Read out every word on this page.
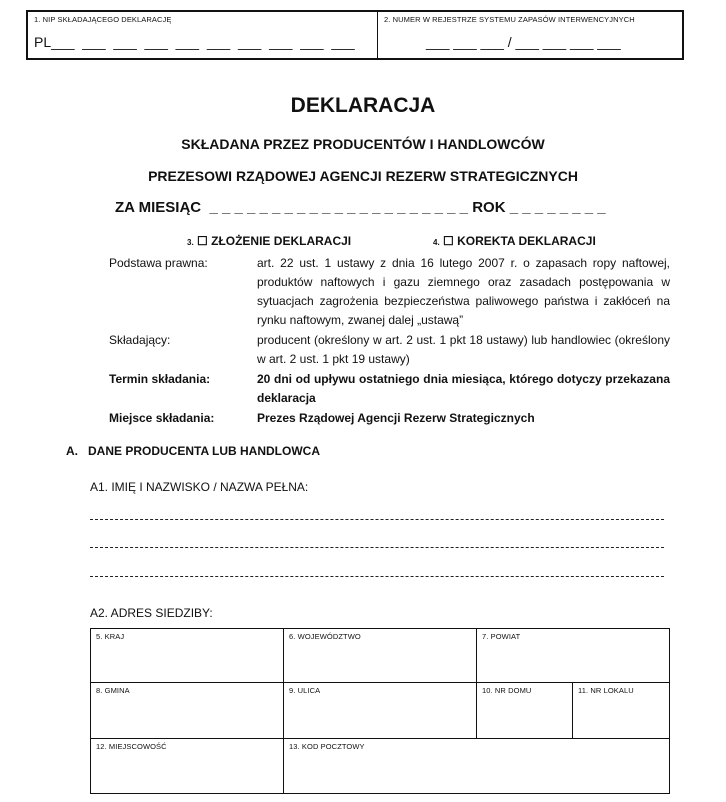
1. NIP SKŁADAJĄCEGO DEKLARACJĘ
PL___  ___  ___  ___  ___  ___  ___  ___  ___  ___
2. NUMER W REJESTRZE SYSTEMU ZAPASÓW INTERWENCYJNYCH
___ ___ ___ / ___ ___ ___ ___
DEKLARACJA
SKŁADANA PRZEZ PRODUCENTÓW I HANDLOWCÓW
PREZESOWI RZĄDOWEJ AGENCJI REZERW STRATEGICZNYCH
ZA MIESIĄC _ _ _ _ _ _ _ _ _ _ _ _ _ _ _ _ _ _ _ _ _ ROK _ _ _ _ _ _ _ _
3. ☐ ZŁOŻENIE DEKLARACJI	4. ☐ KOREKTA DEKLARACJI
Podstawa prawna:	art. 22 ust. 1 ustawy z dnia 16 lutego 2007 r. o zapasach ropy naftowej, produktów naftowych i gazu ziemnego oraz zasadach postępowania w sytuacjach zagrożenia bezpieczeństwa paliwowego państwa i zakłóceń na rynku naftowym, zwanej dalej „ustawą”
Składający:	producent (określony w art. 2 ust. 1 pkt 18 ustawy) lub handlowiec (określony w art. 2 ust. 1 pkt 19 ustawy)
Termin składania:	20 dni od upływu ostatniego dnia miesiąca, którego dotyczy przekazana deklaracja
Miejsce składania:	Prezes Rządowej Agencji Rezerw Strategicznych
A. DANE PRODUCENTA LUB HANDLOWCA
A1. IMIĘ I NAZWISKO / NAZWA PEŁNA:
A2. ADRES SIEDZIBY:
5. KRAJ	6. WOJEWÓDZTWO	7. POWIAT
8. GMINA	9. ULICA	10. NR DOMU	11. NR LOKALU
12. MIEJSCOWOŚĆ	13. KOD POCZTOWY
